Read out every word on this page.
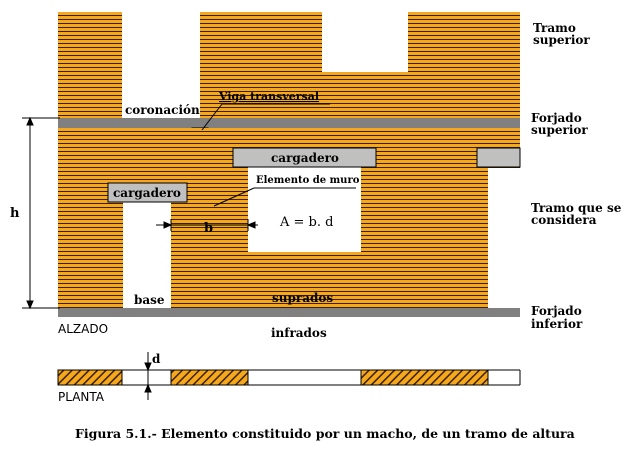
Tramo
superior
Forjado
superior
Tramo que se
considera
Forjado
inferior
Viga transversal
coronación
cargadero
cargadero
Elemento de muro
A = b. d
b
h
base	suprados
ALZADO	infrados
d
PLANTA
Figura 5.1.- Elemento constituido por un macho, de un tramo de altura
